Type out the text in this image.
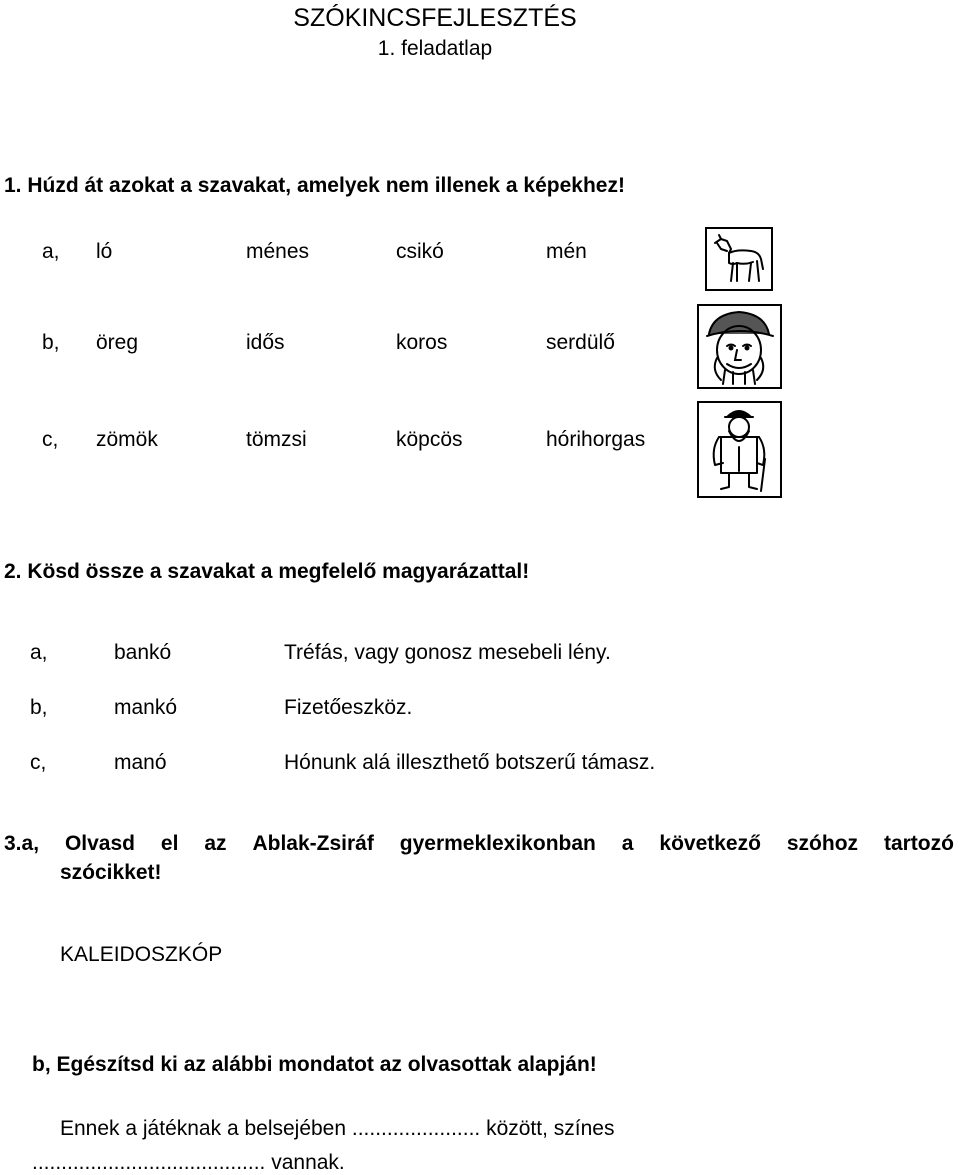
SZÓKINCSFEJLESZTÉS
1. feladatlap
1. Húzd át azokat a szavakat, amelyek nem illenek a képekhez!
a, ló	ménes	csikó	mén
b, öreg	idős	koros	serdülő
c, zömök	tömzsi	köpcös	hórihorgas
2. Kösd össze a szavakat a megfelelő magyarázattal!
a,	bankó	Tréfás, vagy gonosz mesebeli lény.
b,	mankó	Fizetőeszköz.
c,	manó	Hónunk alá illeszthető botszerű támasz.
3.a, Olvasd el az Ablak-Zsiráf gyermeklexikonban a következő szóhoz tartozó
szócikket!
KALEIDOSZKÓP
b, Egészítsd ki az alábbi mondatot az olvasottak alapján!
Ennek a játéknak a belsejében ...................... között, színes
........................................ vannak.
